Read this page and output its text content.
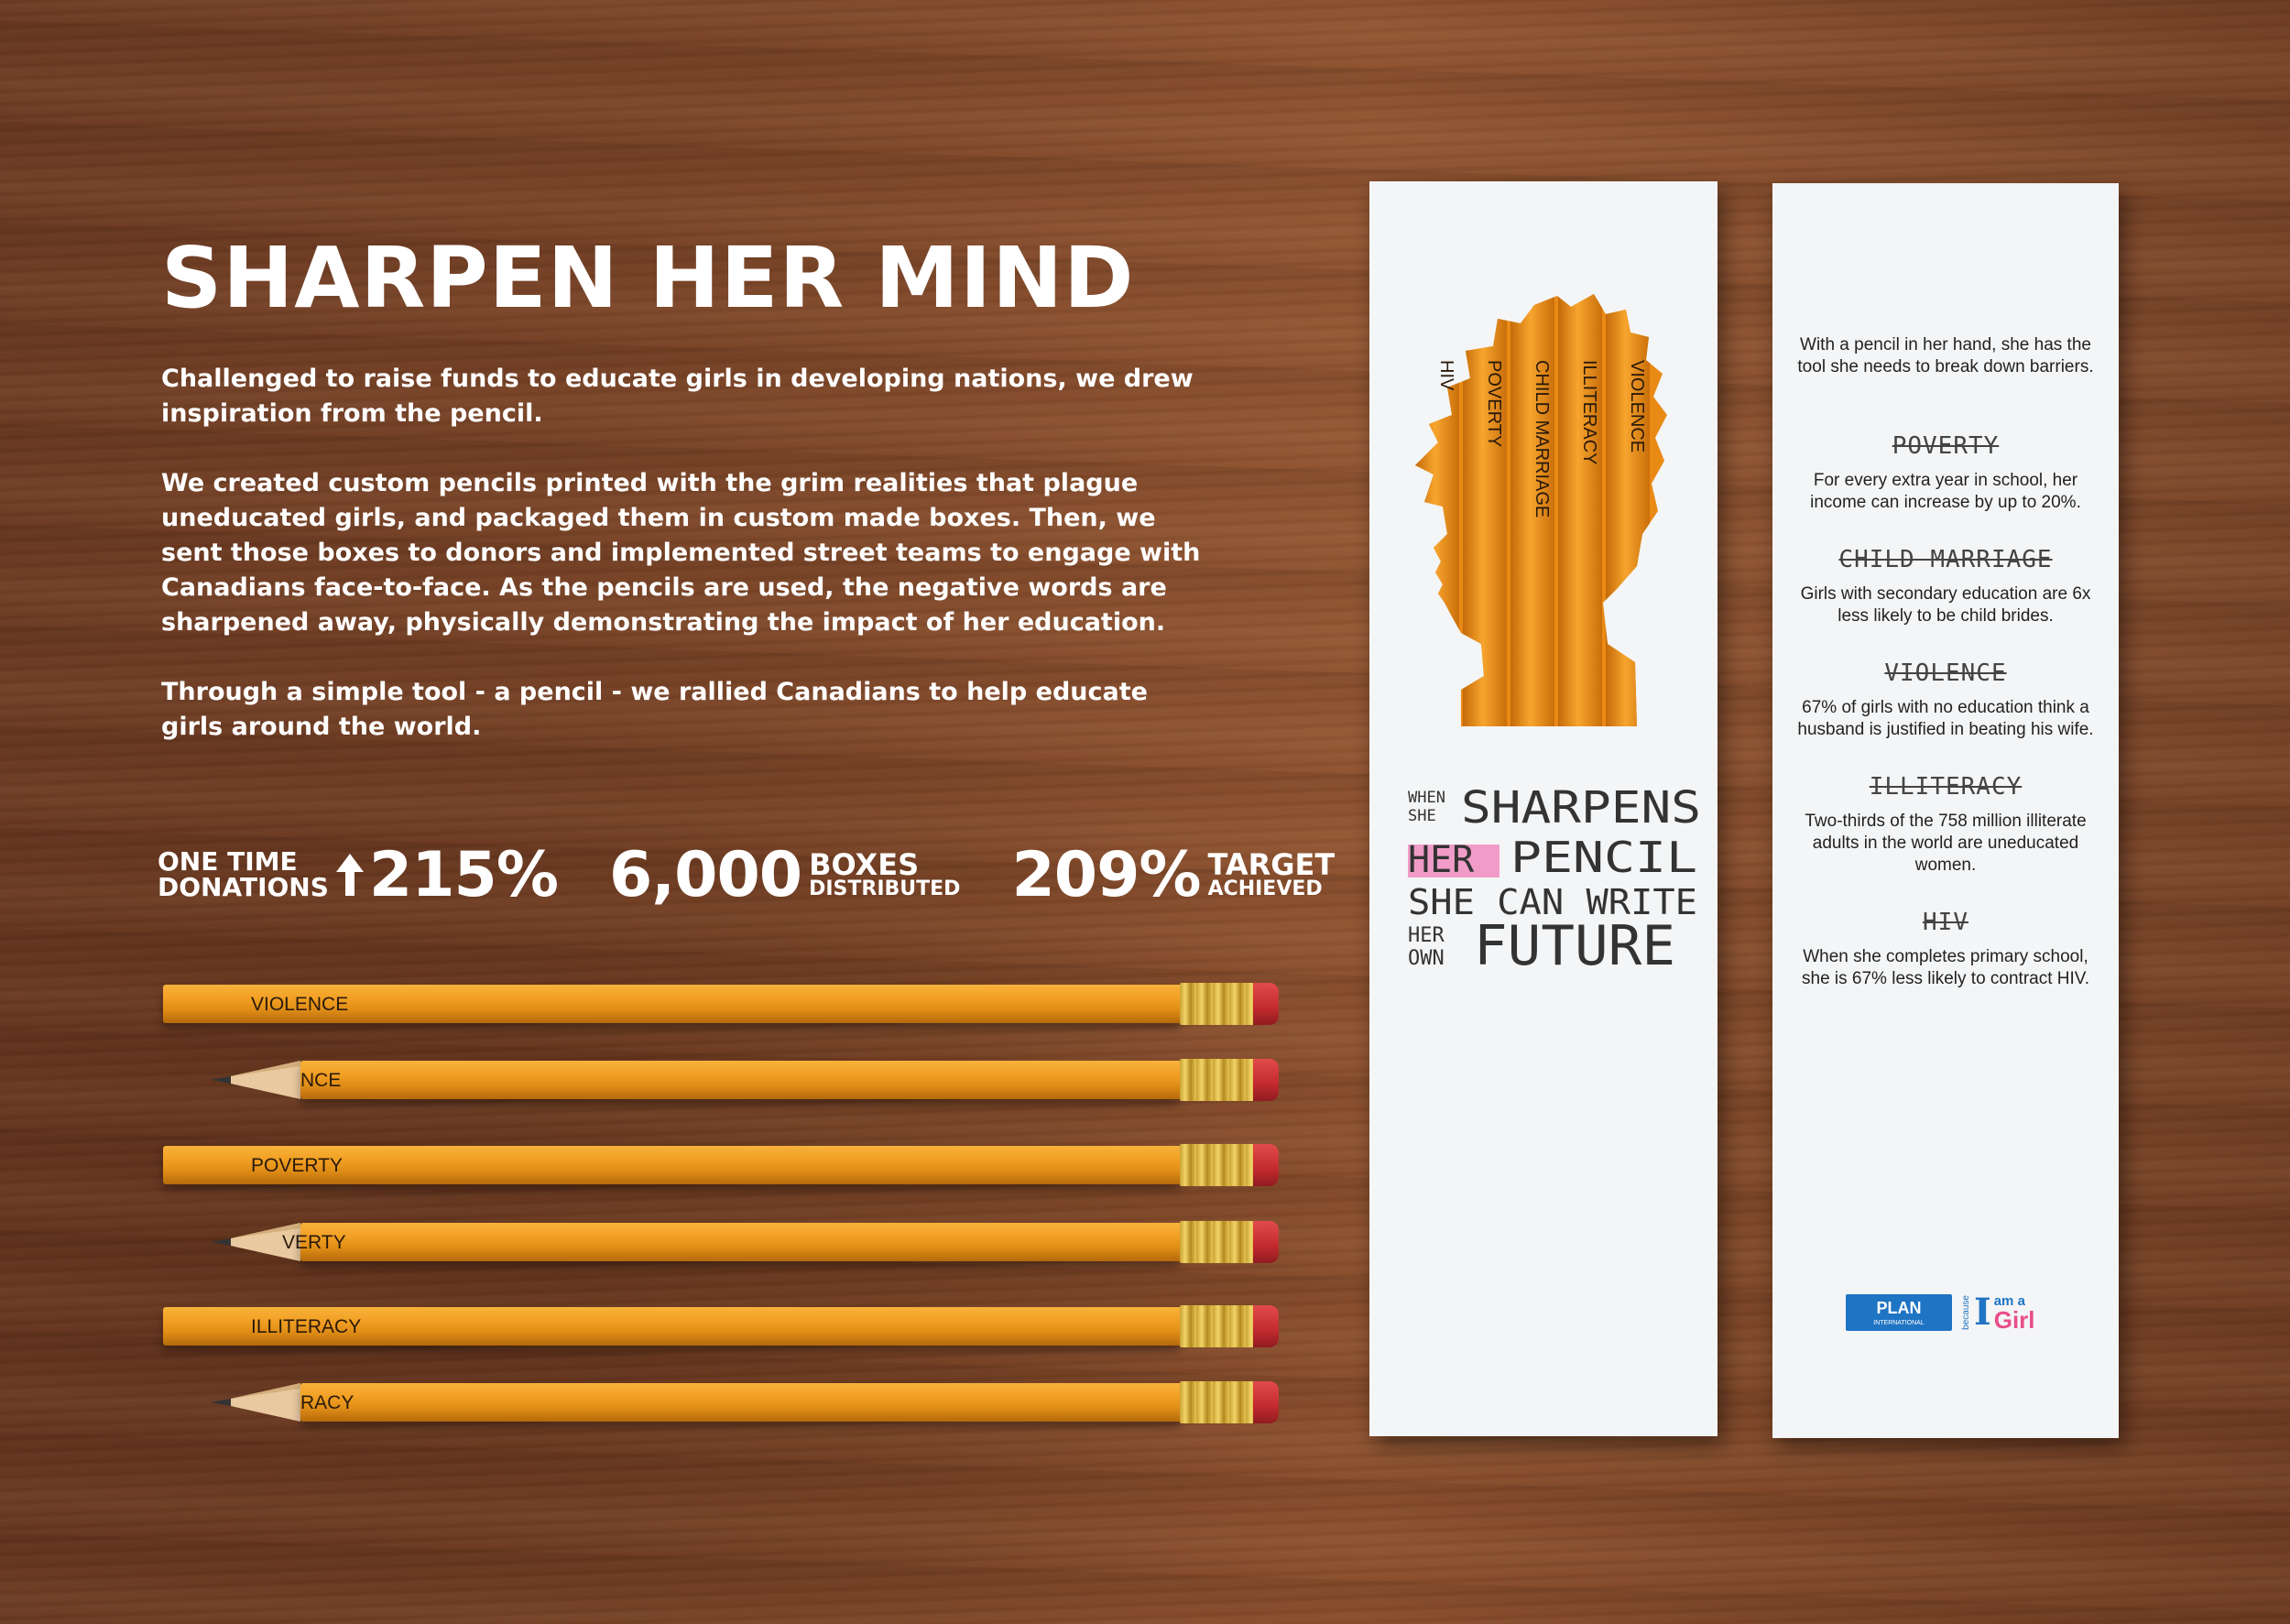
SHARPEN HER MIND

Challenged to raise funds to educate girls in developing nations, we drew inspiration from the pencil.

We created custom pencils printed with the grim realities that plague uneducated girls, and packaged them in custom made boxes. Then, we sent those boxes to donors and implemented street teams to engage with Canadians face-to-face. As the pencils are used, the negative words are sharpened away, physically demonstrating the impact of her education.

Through a simple tool - a pencil - we rallied Canadians to help educate girls around the world.

ONE TIME
DONATIONS 215% 6,000 BOXES
DISTRIBUTED 209% TARGET
ACHIEVED
VIOLENCE
NCE
POVERTY
VERTY
ILLITERACY
RACY
VIOLENCE
ILLITERACY
CHILD MARRIAGE
POVERTY
HIV
WHEN
SHE SHARPENS
HER PENCIL
SHE CAN WRITE
HER
OWN FUTURE

With a pencil in her hand, she has the tool she needs to break down barriers.

POVERTY

For every extra year in school, her income can increase by up to 20%.

CHILD MARRIAGE

Girls with secondary education are 6x less likely to be child brides.

VIOLENCE

67% of girls with no education think a husband is justified in beating his wife.

ILLITERACY

Two-thirds of the 758 million illiterate adults in the world are uneducated women.

HIV

When she completes primary school, she is 67% less likely to contract HIV.

PLAN
INTERNATIONAL	because I am a
Girl
